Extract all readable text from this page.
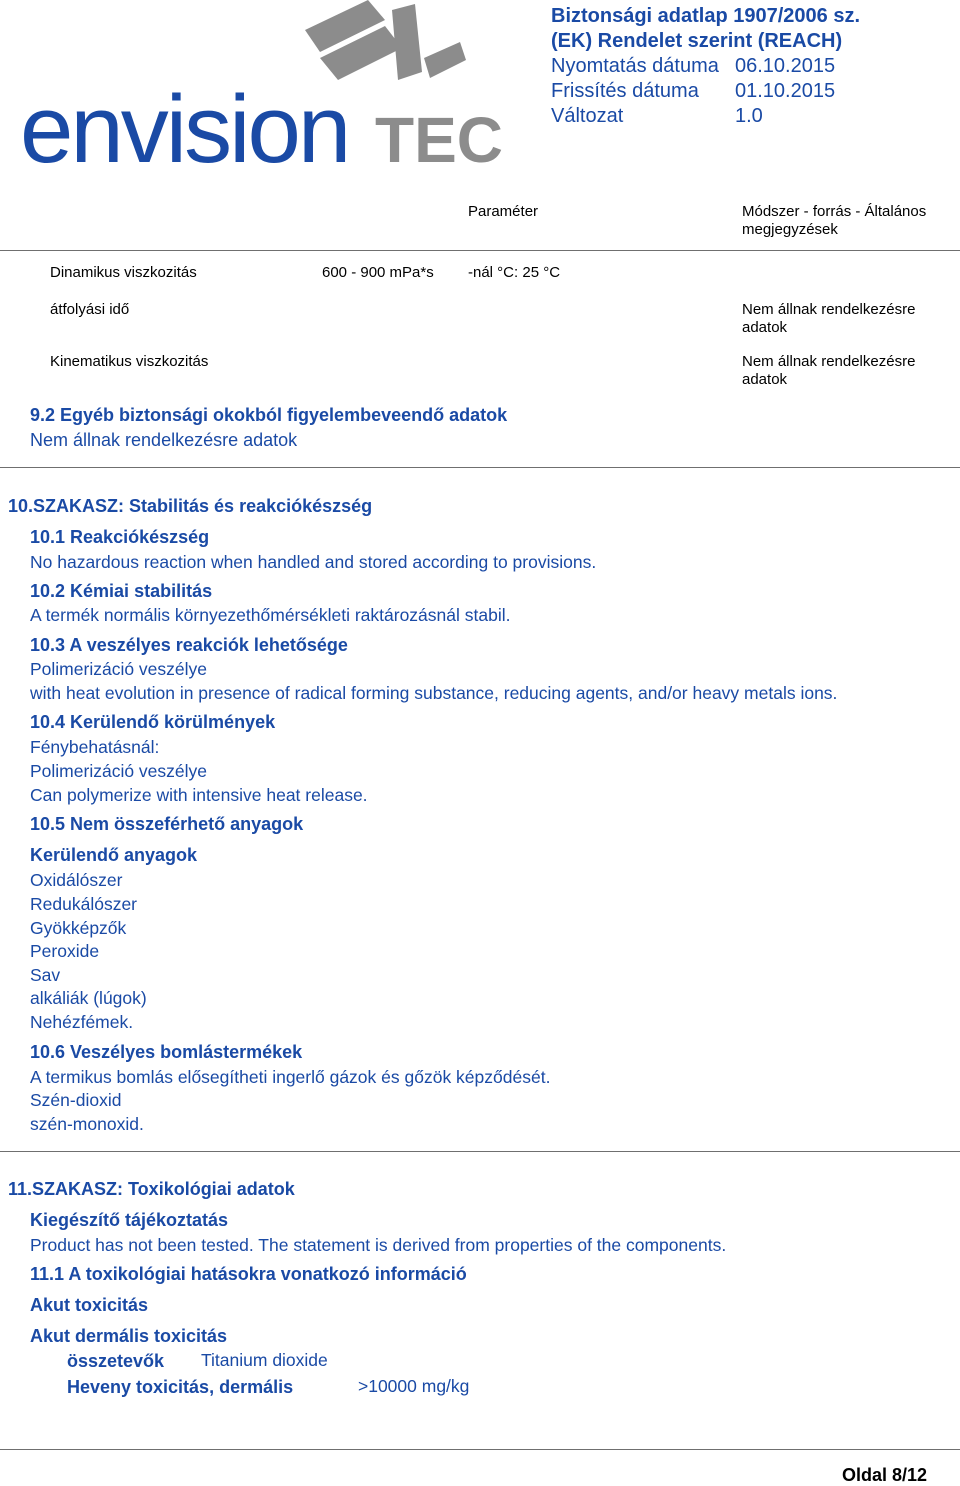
envision TEC
Biztonsági adatlap 1907/2006 sz.
(EK) Rendelet szerint (REACH)
Nyomtatás dátuma 06.10.2015
Frissítés dátuma 01.10.2015
Változat	1.0
Paraméter	Módszer - forrás - Általános
megjegyzések
Dinamikus viszkozitás	600 - 900 mPa*s -nál °C: 25 °C
átfolyási idő	Nem állnak rendelkezésre
adatok
Kinematikus viszkozitás	Nem állnak rendelkezésre
adatok
9.2 Egyéb biztonsági okokból figyelembeveendő adatok
Nem állnak rendelkezésre adatok
10.SZAKASZ: Stabilitás és reakciókészség
10.1 Reakciókészség
No hazardous reaction when handled and stored according to provisions.
10.2 Kémiai stabilitás
A termék normális környezethőmérsékleti raktározásnál stabil.
10.3 A veszélyes reakciók lehetősége
Polimerizáció veszélye
with heat evolution in presence of radical forming substance, reducing agents, and/or heavy metals ions.
10.4 Kerülendő körülmények
Fénybehatásnál:
Polimerizáció veszélye
Can polymerize with intensive heat release.
10.5 Nem összeférhető anyagok
Kerülendő anyagok
Oxidálószer
Redukálószer
Gyökképzők
Peroxide
Sav
alkáliák (lúgok)
Nehézfémek.
10.6 Veszélyes bomlástermékek
A termikus bomlás elősegítheti ingerlő gázok és gőzök képződését.
Szén-dioxid
szén-monoxid.
11.SZAKASZ: Toxikológiai adatok
Kiegészítő tájékoztatás
Product has not been tested. The statement is derived from properties of the components.
11.1 A toxikológiai hatásokra vonatkozó információ
Akut toxicitás
Akut dermális toxicitás
összetevők Titanium dioxide
Heveny toxicitás, dermális	>10000 mg/kg
Oldal 8/12
